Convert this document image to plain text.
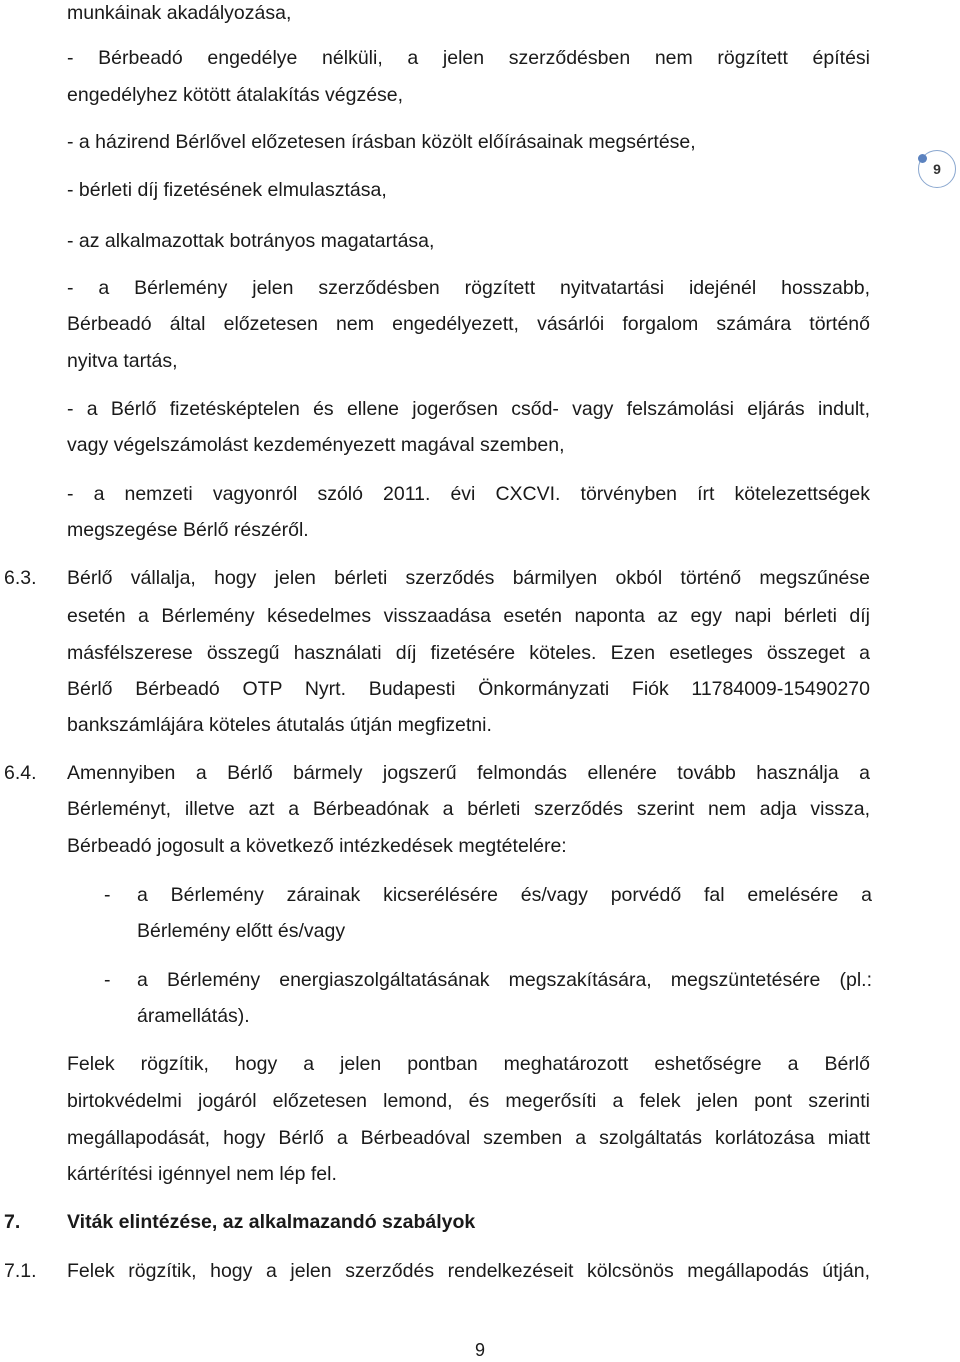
9
munkáinak akadályozása,
- Bérbeadó engedélye nélküli, a jelen szerződésben nem rögzített építési
engedélyhez kötött átalakítás végzése,
- a házirend Bérlővel előzetesen írásban közölt előírásainak megsértése,
- bérleti díj fizetésének elmulasztása,
- az alkalmazottak botrányos magatartása,
- a Bérlemény jelen szerződésben rögzített nyitvatartási idejénél hosszabb,
Bérbeadó által előzetesen nem engedélyezett, vásárlói forgalom számára történő
nyitva tartás,
- a Bérlő fizetésképtelen és ellene jogerősen csőd- vagy felszámolási eljárás indult,
vagy végelszámolást kezdeményezett magával szemben,
- a nemzeti vagyonról szóló 2011. évi CXCVI. törvényben írt kötelezettségek
megszegése Bérlő részéről.
6.3. Bérlő vállalja, hogy jelen bérleti szerződés bármilyen okból történő megszűnése
esetén a Bérlemény késedelmes visszaadása esetén naponta az egy napi bérleti díj
másfélszerese összegű használati díj fizetésére köteles. Ezen esetleges összeget a
Bérlő Bérbeadó OTP Nyrt. Budapesti Önkormányzati Fiók 11784009-15490270
bankszámlájára köteles átutalás útján megfizetni.
6.4. Amennyiben a Bérlő bármely jogszerű felmondás ellenére tovább használja a
Bérleményt, illetve azt a Bérbeadónak a bérleti szerződés szerint nem adja vissza,
Bérbeadó jogosult a következő intézkedések megtételére:
- a Bérlemény zárainak kicserélésére és/vagy porvédő fal emelésére a
Bérlemény előtt és/vagy
- a Bérlemény energiaszolgáltatásának megszakítására, megszüntetésére (pl.:
áramellátás).
Felek rögzítik, hogy a jelen pontban meghatározott eshetőségre a Bérlő
birtokvédelmi jogáról előzetesen lemond, és megerősíti a felek jelen pont szerinti
megállapodását, hogy Bérlő a Bérbeadóval szemben a szolgáltatás korlátozása miatt
kártérítési igénnyel nem lép fel.
7. Viták elintézése, az alkalmazandó szabályok
7.1. Felek rögzítik, hogy a jelen szerződés rendelkezéseit kölcsönös megállapodás útján,
9
